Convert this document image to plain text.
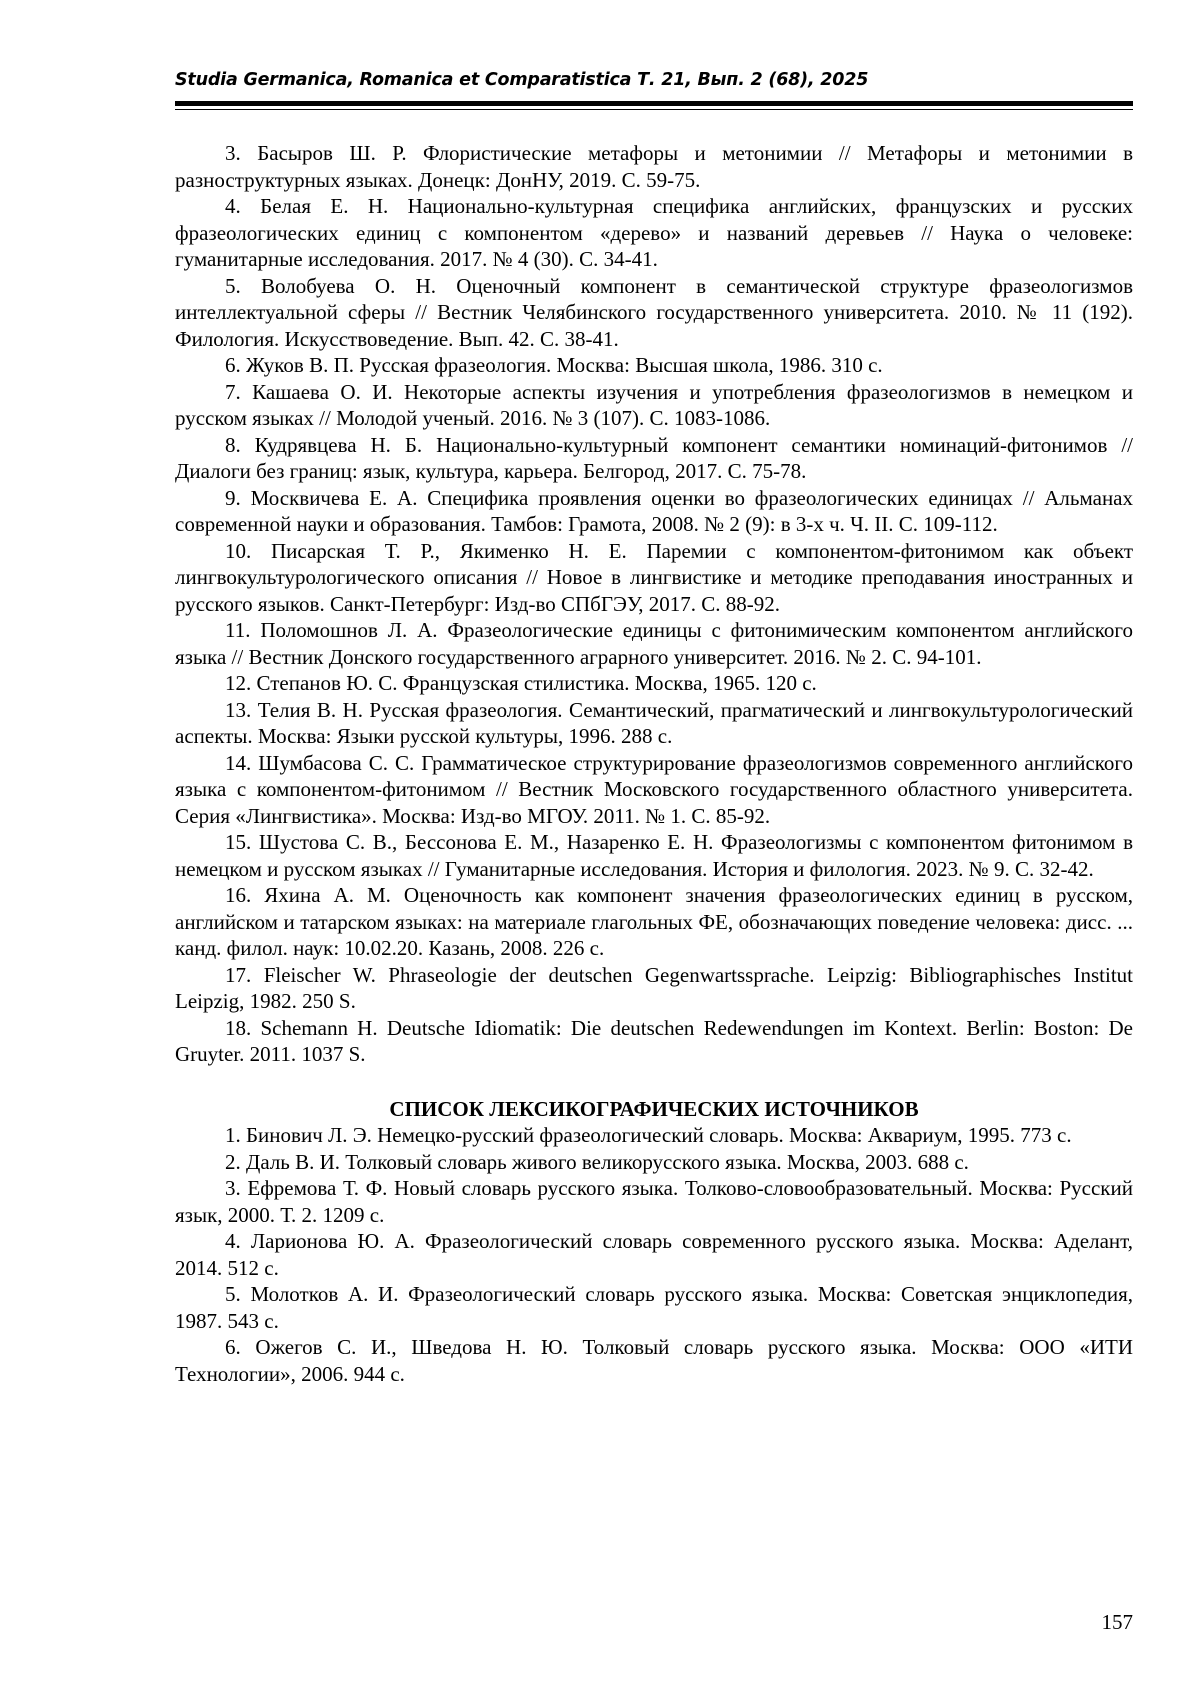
Studia Germanica, Romanica et Comparatistica Т. 21, Вып. 2 (68), 2025

3. Басыров Ш. Р. Флористические метафоры и метонимии // Метафоры и метонимии в разноструктурных языках. Донецк: ДонНУ, 2019. С. 59-75.

4. Белая Е. Н. Национально-культурная специфика английских, французских и русских фразеологических единиц с компонентом «дерево» и названий деревьев // Наука о человеке: гуманитарные исследования. 2017. № 4 (30). С. 34-41.

5. Волобуева О. Н. Оценочный компонент в семантической структуре фразеологизмов интеллектуальной сферы // Вестник Челябинского государственного университета. 2010. № 11 (192). Филология. Искусствоведение. Вып. 42. С. 38-41.

6. Жуков В. П. Русская фразеология. Москва: Высшая школа, 1986. 310 с.

7. Кашаева О. И. Некоторые аспекты изучения и употребления фразеологизмов в немецком и русском языках // Молодой ученый. 2016. № 3 (107). С. 1083-1086.

8. Кудрявцева Н. Б. Национально-культурный компонент семантики номинаций-фитонимов // Диалоги без границ: язык, культура, карьера. Белгород, 2017. С. 75-78.

9. Москвичева Е. А. Специфика проявления оценки во фразеологических единицах // Альманах современной науки и образования. Тамбов: Грамота, 2008. № 2 (9): в 3-х ч. Ч. II. С. 109-112.

10. Писарская Т. Р., Якименко Н. Е. Паремии с компонентом-фитонимом как объект лингвокультурологического описания // Новое в лингвистике и методике преподавания иностранных и русского языков. Санкт-Петербург: Изд-во СПбГЭУ, 2017. С. 88-92.

11. Поломошнов Л. А. Фразеологические единицы с фитонимическим компонентом английского языка // Вестник Донского государственного аграрного университет. 2016. № 2. С. 94-101.

12. Степанов Ю. С. Французская стилистика. Москва, 1965. 120 с.

13. Телия В. Н. Русская фразеология. Семантический, прагматический и лингвокультурологический аспекты. Москва: Языки русской культуры, 1996. 288 с.

14. Шумбасова С. С. Грамматическое структурирование фразеологизмов современного английского языка с компонентом-фитонимом // Вестник Московского государственного областного университета. Серия «Лингвистика». Москва: Изд-во МГОУ. 2011. № 1. С. 85-92.

15. Шустова С. В., Бессонова Е. М., Назаренко Е. Н. Фразеологизмы с компонентом фитонимом в немецком и русском языках // Гуманитарные исследования. История и филология. 2023. № 9. С. 32-42.

16. Яхина А. М. Оценочность как компонент значения фразеологических единиц в русском, английском и татарском языках: на материале глагольных ФЕ, обозначающих поведение человека: дисс. ... канд. филол. наук: 10.02.20. Казань, 2008. 226 с.

17. Fleischer W. Phraseologie der deutschen Gegenwartssprache. Leipzig: Bibliographisches Institut Leipzig, 1982. 250 S.

18. Schemann H. Deutsche Idiomatik: Die deutschen Redewendungen im Kontext. Berlin: Boston: De Gruyter. 2011. 1037 S.

СПИСОК ЛЕКСИКОГРАФИЧЕСКИХ ИСТОЧНИКОВ

1. Бинович Л. Э. Немецко-русский фразеологический словарь. Москва: Аквариум, 1995. 773 с.

2. Даль В. И. Толковый словарь живого великорусского языка. Москва, 2003. 688 с.

3. Ефремова Т. Ф. Новый словарь русского языка. Толково-словообразовательный. Москва: Русский язык, 2000. Т. 2. 1209 с.

4. Ларионова Ю. А. Фразеологический словарь современного русского языка. Москва: Аделант, 2014. 512 с.

5. Молотков А. И. Фразеологический словарь русского языка. Москва: Советская энциклопедия, 1987. 543 с.

6. Ожегов С. И., Шведова Н. Ю. Толковый словарь русского языка. Москва: ООО «ИТИ Технологии», 2006. 944 с.

157
